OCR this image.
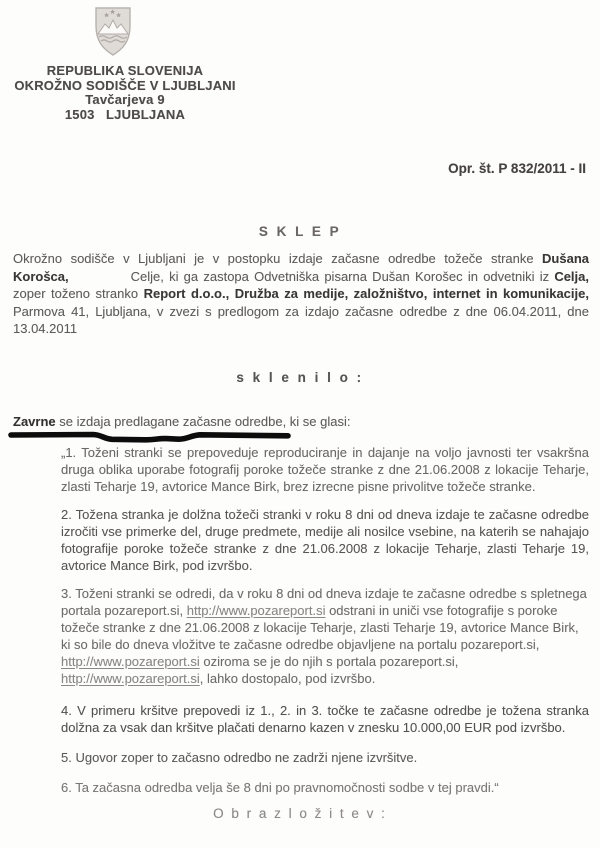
REPUBLIKA SLOVENIJA
OKROŽNO SODIŠČE V LJUBLJANI
Tavčarjeva 9
1503   LJUBLJANA
Opr. št. P 832/2011 - II
S K L E P

Okrožno sodišče v Ljubljani je v postopku izdaje začasne odredbe tožeče stranke Dušana Korošca,	Celje, ki ga zastopa Odvetniška pisarna Dušan Korošec in odvetniki iz Celja, zoper toženo stranko Report d.o.o., Družba za medije, založništvo, internet in komunikacije, Parmova 41, Ljubljana, v zvezi s predlogom za izdajo začasne odredbe z dne 06.04.2011, dne 13.04.2011

s k l e n i l o :

Zavrne se izdaja predlagane začasne odredbe, ki se glasi:

„1. Toženi stranki se prepoveduje reproduciranje in dajanje na voljo javnosti ter vsakršna druga oblika uporabe fotografij poroke tožeče stranke z dne 21.06.2008 z lokacije Teharje, zlasti Teharje 19, avtorice Mance Birk, brez izrecne pisne privolitve tožeče stranke.

2. Tožena stranka je dolžna tožeči stranki v roku 8 dni od dneva izdaje te začasne odredbe izročiti vse primerke del, druge predmete, medije ali nosilce vsebine, na katerih se nahajajo fotografije poroke tožeče stranke z dne 21.06.2008 z lokacije Teharje, zlasti Teharje 19, avtorice Mance Birk, pod izvršbo.

3. Toženi stranki se odredi, da v roku 8 dni od dneva izdaje te začasne odredbe s spletnega portala pozareport.si, http://www.pozareport.si odstrani in uniči vse fotografije s poroke tožeče stranke z dne 21.06.2008 z lokacije Teharje, zlasti Teharje 19, avtorice Mance Birk, ki so bile do dneva vložitve te začasne odredbe objavljene na portalu pozareport.si, http://www.pozareport.si oziroma se je do njih s portala pozareport.si, http://www.pozareport.si, lahko dostopalo, pod izvršbo.

4. V primeru kršitve prepovedi iz 1., 2. in 3. točke te začasne odredbe je tožena stranka dolžna za vsak dan kršitve plačati denarno kazen v znesku 10.000,00 EUR pod izvršbo.

5. Ugovor zoper to začasno odredbo ne zadrži njene izvršitve.

6. Ta začasna odredba velja še 8 dni po pravnomočnosti sodbe v tej pravdi.“

O b r a z l o ž i t e v :
